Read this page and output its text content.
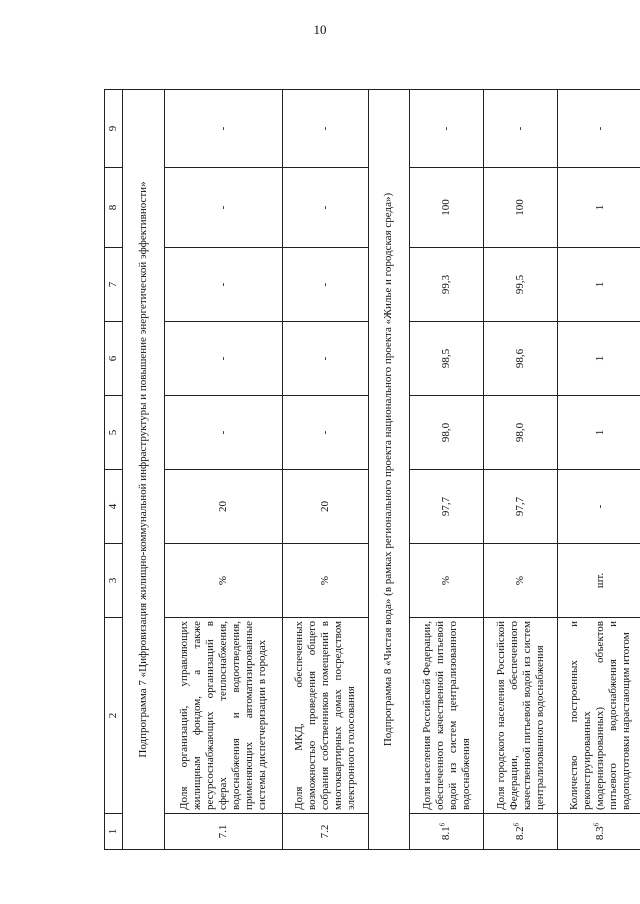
10
1	2	3	4	5	6	7	8	9
Подпрограмма 7 «Цифровизация жилищно-коммунальной инфраструктуры и повышение энергетической эффективности»								
7.1	Доля организаций, управляющих жилищным фондом, а также ресурсоснабжающих организаций в сферах теплоснабжения, водоснабжения и водоотведения, применяющих автоматизированные системы диспетчеризации в городах	%	20	-	-	-	-	-
7.2	Доля МКД, обеспеченных возможностью проведения общего собрания собственников помещений в многоквартирных домах посредством электронного голосования	%	20	-	-	-	-	-
Подпрограмма 8 «Чистая вода» (в рамках регионального проекта национального проекта «Жилье и городская среда»)								
$8.1^6$	Доля населения Российской Федерации, обеспеченного качественной питьевой водой из систем централизованного водоснабжения	%	97,7	98,0	98,5	99,3	100	-
$8.2^6$	Доля городского населения Российской Федерации, обеспеченного качественной питьевой водой из систем централизованного водоснабжения	%	97,7	98,0	98,6	99,5	100	-
$8.3^6$	Количество построенных и реконструированных (модернизированных) объектов питьевого водоснабжения и водоподготовки нарастающим итогом	шт.	-	1	1	1	1	-
